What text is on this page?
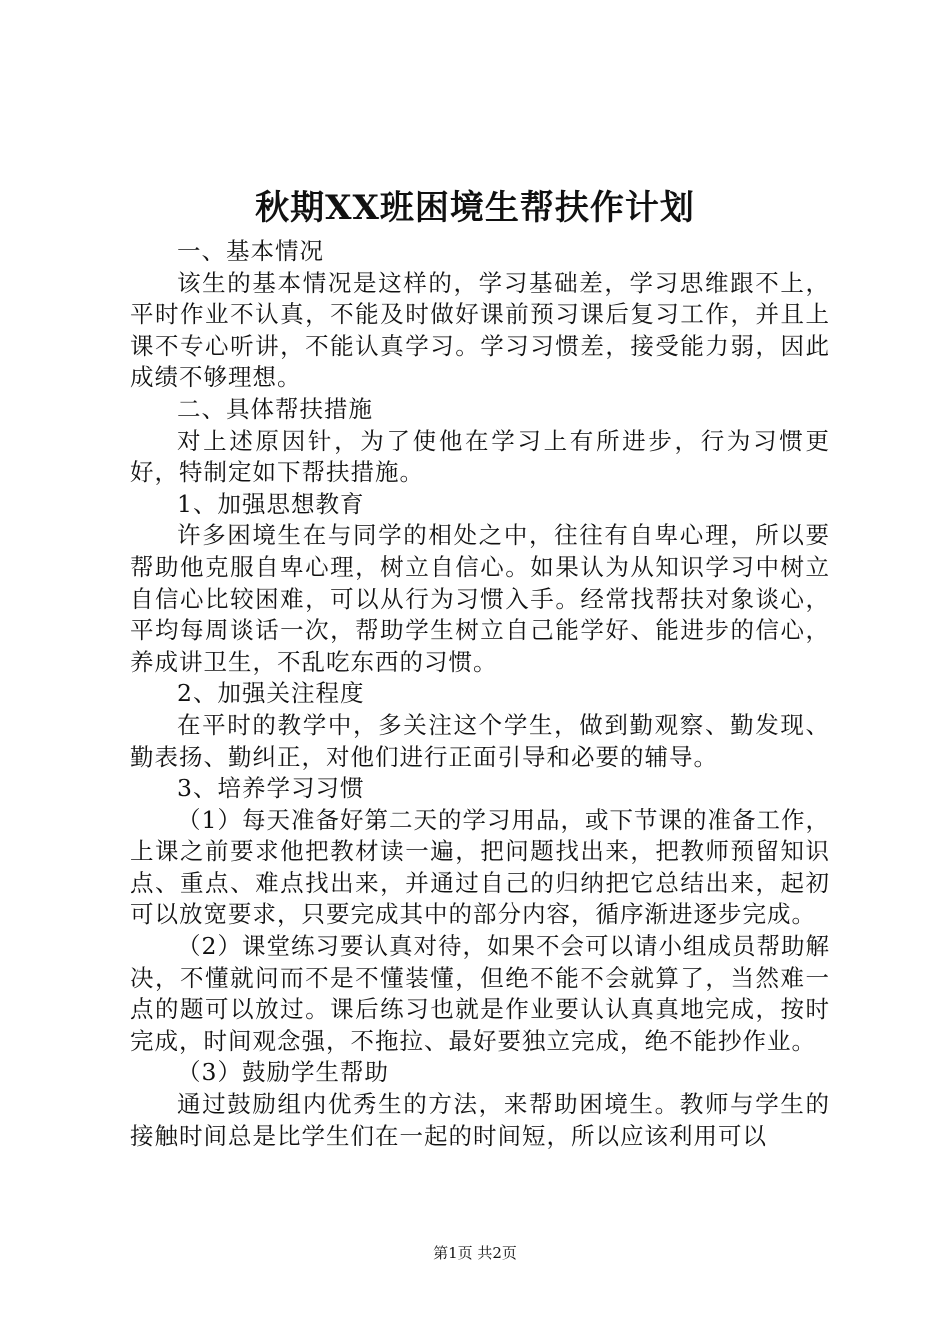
秋期XX班困境生帮扶作计划

一、基本情况

该生的基本情况是这样的，学习基础差，学习思维跟不上，平时作业不认真，不能及时做好课前预习课后复习工作，并且上课不专心听讲，不能认真学习。学习习惯差，接受能力弱，因此成绩不够理想。

二、具体帮扶措施

对上述原因针，为了使他在学习上有所进步，行为习惯更好，特制定如下帮扶措施。

1、加强思想教育

许多困境生在与同学的相处之中，往往有自卑心理，所以要帮助他克服自卑心理，树立自信心。如果认为从知识学习中树立自信心比较困难，可以从行为习惯入手。经常找帮扶对象谈心，平均每周谈话一次，帮助学生树立自己能学好、能进步的信心，养成讲卫生，不乱吃东西的习惯。

2、加强关注程度

在平时的教学中，多关注这个学生，做到勤观察、勤发现、勤表扬、勤纠正，对他们进行正面引导和必要的辅导。

3、培养学习习惯

（1）每天准备好第二天的学习用品，或下节课的准备工作，上课之前要求他把教材读一遍，把问题找出来，把教师预留知识点、重点、难点找出来，并通过自己的归纳把它总结出来，起初可以放宽要求，只要完成其中的部分内容，循序渐进逐步完成。

（2）课堂练习要认真对待，如果不会可以请小组成员帮助解决，不懂就问而不是不懂装懂，但绝不能不会就算了，当然难一点的题可以放过。课后练习也就是作业要认认真真地完成，按时完成，时间观念强，不拖拉、最好要独立完成，绝不能抄作业。

（3）鼓励学生帮助

通过鼓励组内优秀生的方法，来帮助困境生。教师与学生的接触时间总是比学生们在一起的时间短，所以应该利用可以

第1页 共2页
